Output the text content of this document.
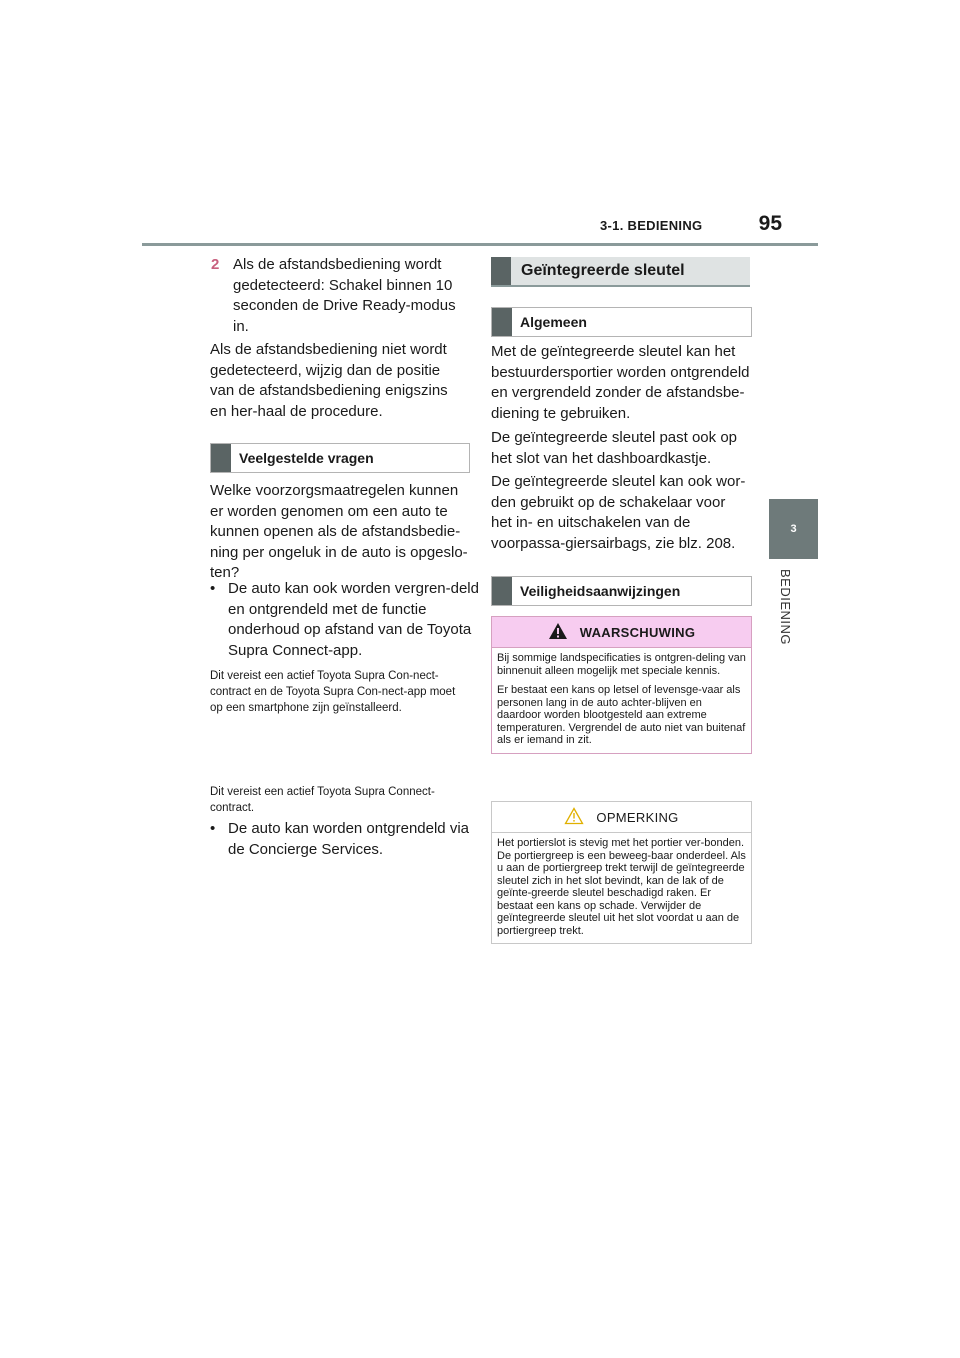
3-1. BEDIENING	95
3
BEDIENING
2 Als de afstandsbediening wordt gedetecteerd: Schakel binnen 10 seconden de Drive Ready-modus in.

Als de afstandsbediening niet wordt gedetecteerd, wijzig dan de positie van de afstandsbediening enigszins en her-haal de procedure.

Veelgestelde vragen

Welke voorzorgsmaatregelen kunnen er worden genomen om een auto te kunnen openen als de afstandsbedie-ning per ongeluk in de auto is opgeslo-ten?

• De auto kan ook worden vergren-deld en ontgrendeld met de functie onderhoud op afstand van de Toyota Supra Connect-app.

Dit vereist een actief Toyota Supra Con-nect-contract en de Toyota Supra Con-nect-app moet op een smartphone zijn geïnstalleerd.

• De auto kan worden ontgrendeld via de Concierge Services.

Dit vereist een actief Toyota Supra Connect-contract.

Geïntegreerde sleutel
Algemeen

Met de geïntegreerde sleutel kan het bestuurdersportier worden ontgrendeld en vergrendeld zonder de afstandsbe-diening te gebruiken.

De geïntegreerde sleutel past ook op het slot van het dashboardkastje.

De geïntegreerde sleutel kan ook wor-den gebruikt op de schakelaar voor het in- en uitschakelen van de voorpassa-giersairbags, zie blz. 208.

Veiligheidsaanwijzingen
WAARSCHUWING

Bij sommige landspecificaties is ontgren-deling van binnenuit alleen mogelijk met speciale kennis.

Er bestaat een kans op letsel of levensge-vaar als personen lang in de auto achter-blijven en daardoor worden blootgesteld aan extreme temperaturen. Vergrendel de auto niet van buitenaf als er iemand in zit.

OPMERKING

Het portierslot is stevig met het portier ver-bonden. De portiergreep is een beweeg-baar onderdeel. Als u aan de portiergreep trekt terwijl de geïntegreerde sleutel zich in het slot bevindt, kan de lak of de geïnte-greerde sleutel beschadigd raken. Er bestaat een kans op schade. Verwijder de geïntegreerde sleutel uit het slot voordat u aan de portiergreep trekt.
